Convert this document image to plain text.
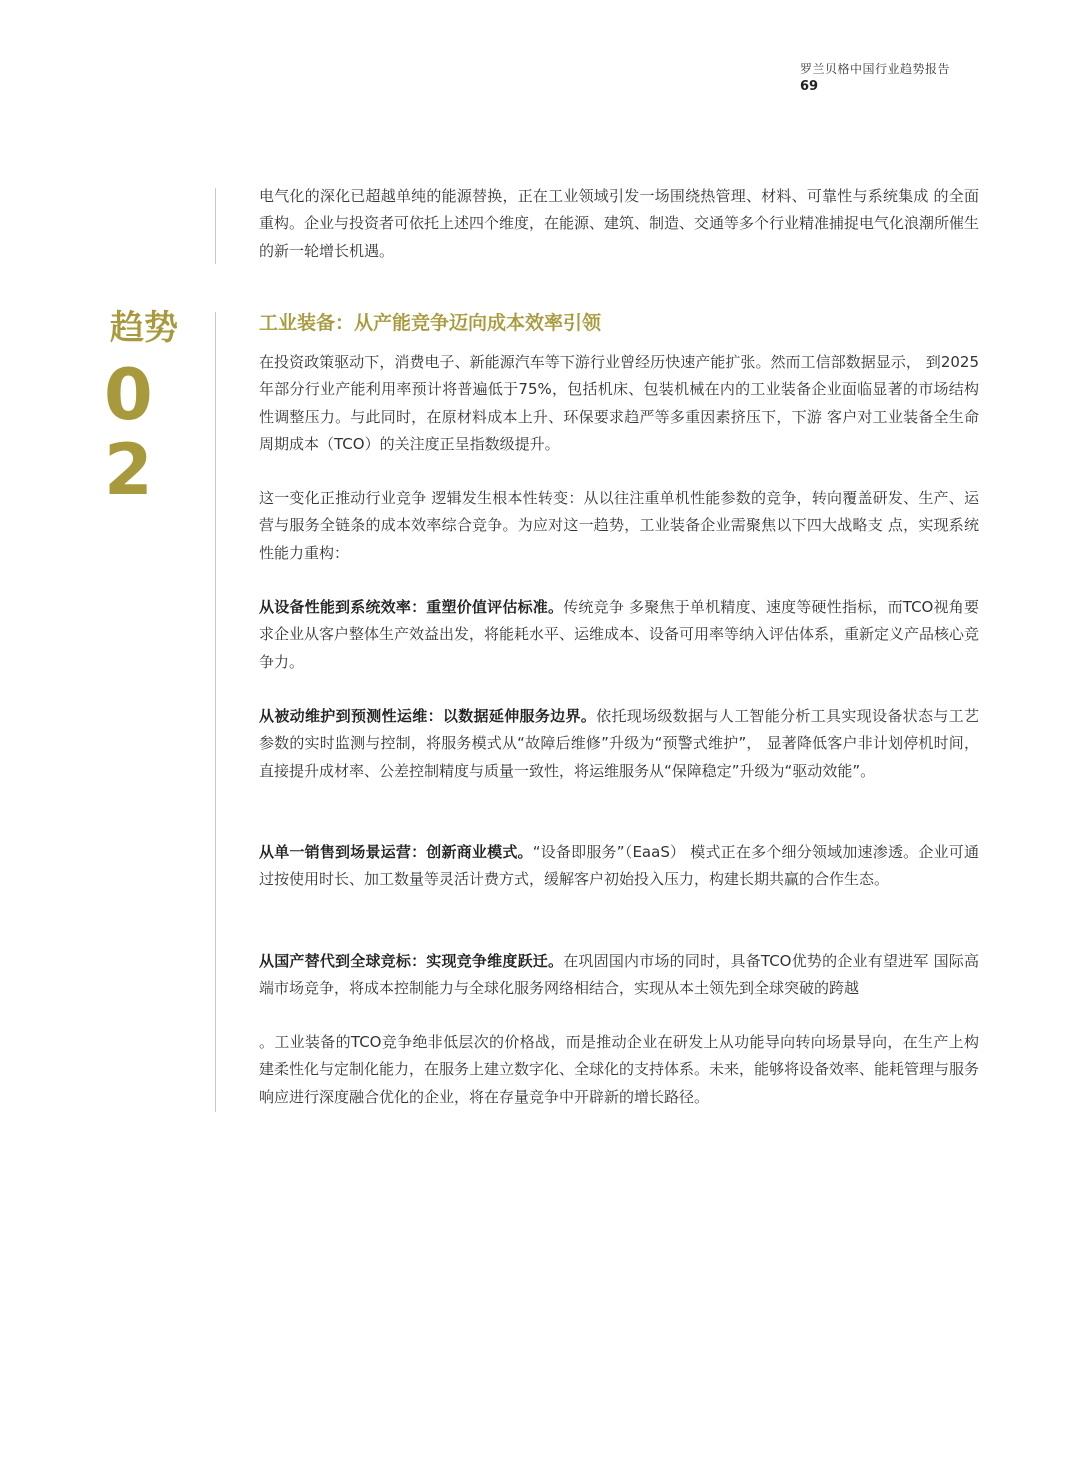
罗兰贝格中国行业趋势报告
69

电气化的深化已超越单纯的能源替换，正在工业领域引发一场围绕热管理、材料、可靠性与系统集成 的全面重构。企业与投资者可依托上述四个维度，在能源、建筑、制造、交通等多个行业精准捕捉电气化浪潮所催生的新一轮增长机遇。

趋势
0
2
工业装备：从产能竞争迈向成本效率引领

在投资政策驱动下，消费电子、新能源汽车等下游行业曾经历快速产能扩张。然而工信部数据显示， 到2025年部分行业产能利用率预计将普遍低于75%，包括机床、包装机械在内的工业装备企业面临显著的市场结构性调整压力。与此同时，在原材料成本上升、环保要求趋严等多重因素挤压下，下游 客户对工业装备全生命周期成本（TCO）的关注度正呈指数级提升。

这一变化正推动行业竞争 逻辑发生根本性转变：从以往注重单机性能参数的竞争，转向覆盖研发、生产、运营与服务全链条的成本效率综合竞争。为应对这一趋势，工业装备企业需聚焦以下四大战略支 点，实现系统性能力重构：

从设备性能到系统效率：重塑价值评估标准。传统竞争 多聚焦于单机精度、速度等硬性指标，而TCO视角要求企业从客户整体生产效益出发，将能耗水平、运维成本、设备可用率等纳入评估体系，重新定义产品核心竞争力。

从被动维护到预测性运维：以数据延伸服务边界。依托现场级数据与人工智能分析工具实现设备状态与工艺参数的实时监测与控制，将服务模式从“故障后维修”升级为“预警式维护”， 显著降低客户非计划停机时间，直接提升成材率、公差控制精度与质量一致性，将运维服务从“保障稳定”升级为“驱动效能”。

从单一销售到场景运营：创新商业模式。“设备即服务”（EaaS） 模式正在多个细分领域加速渗透。企业可通过按使用时长、加工数量等灵活计费方式，缓解客户初始投入压力，构建长期共赢的合作生态。

从国产替代到全球竞标：实现竞争维度跃迁。在巩固国内市场的同时，具备TCO优势的企业有望进军 国际高端市场竞争，将成本控制能力与全球化服务网络相结合，实现从本土领先到全球突破的跨越

。工业装备的TCO竞争绝非低层次的价格战，而是推动企业在研发上从功能导向转向场景导向，在生产上构建柔性化与定制化能力，在服务上建立数字化、全球化的支持体系。未来，能够将设备效率、能耗管理与服务响应进行深度融合优化的企业，将在存量竞争中开辟新的增长路径。
